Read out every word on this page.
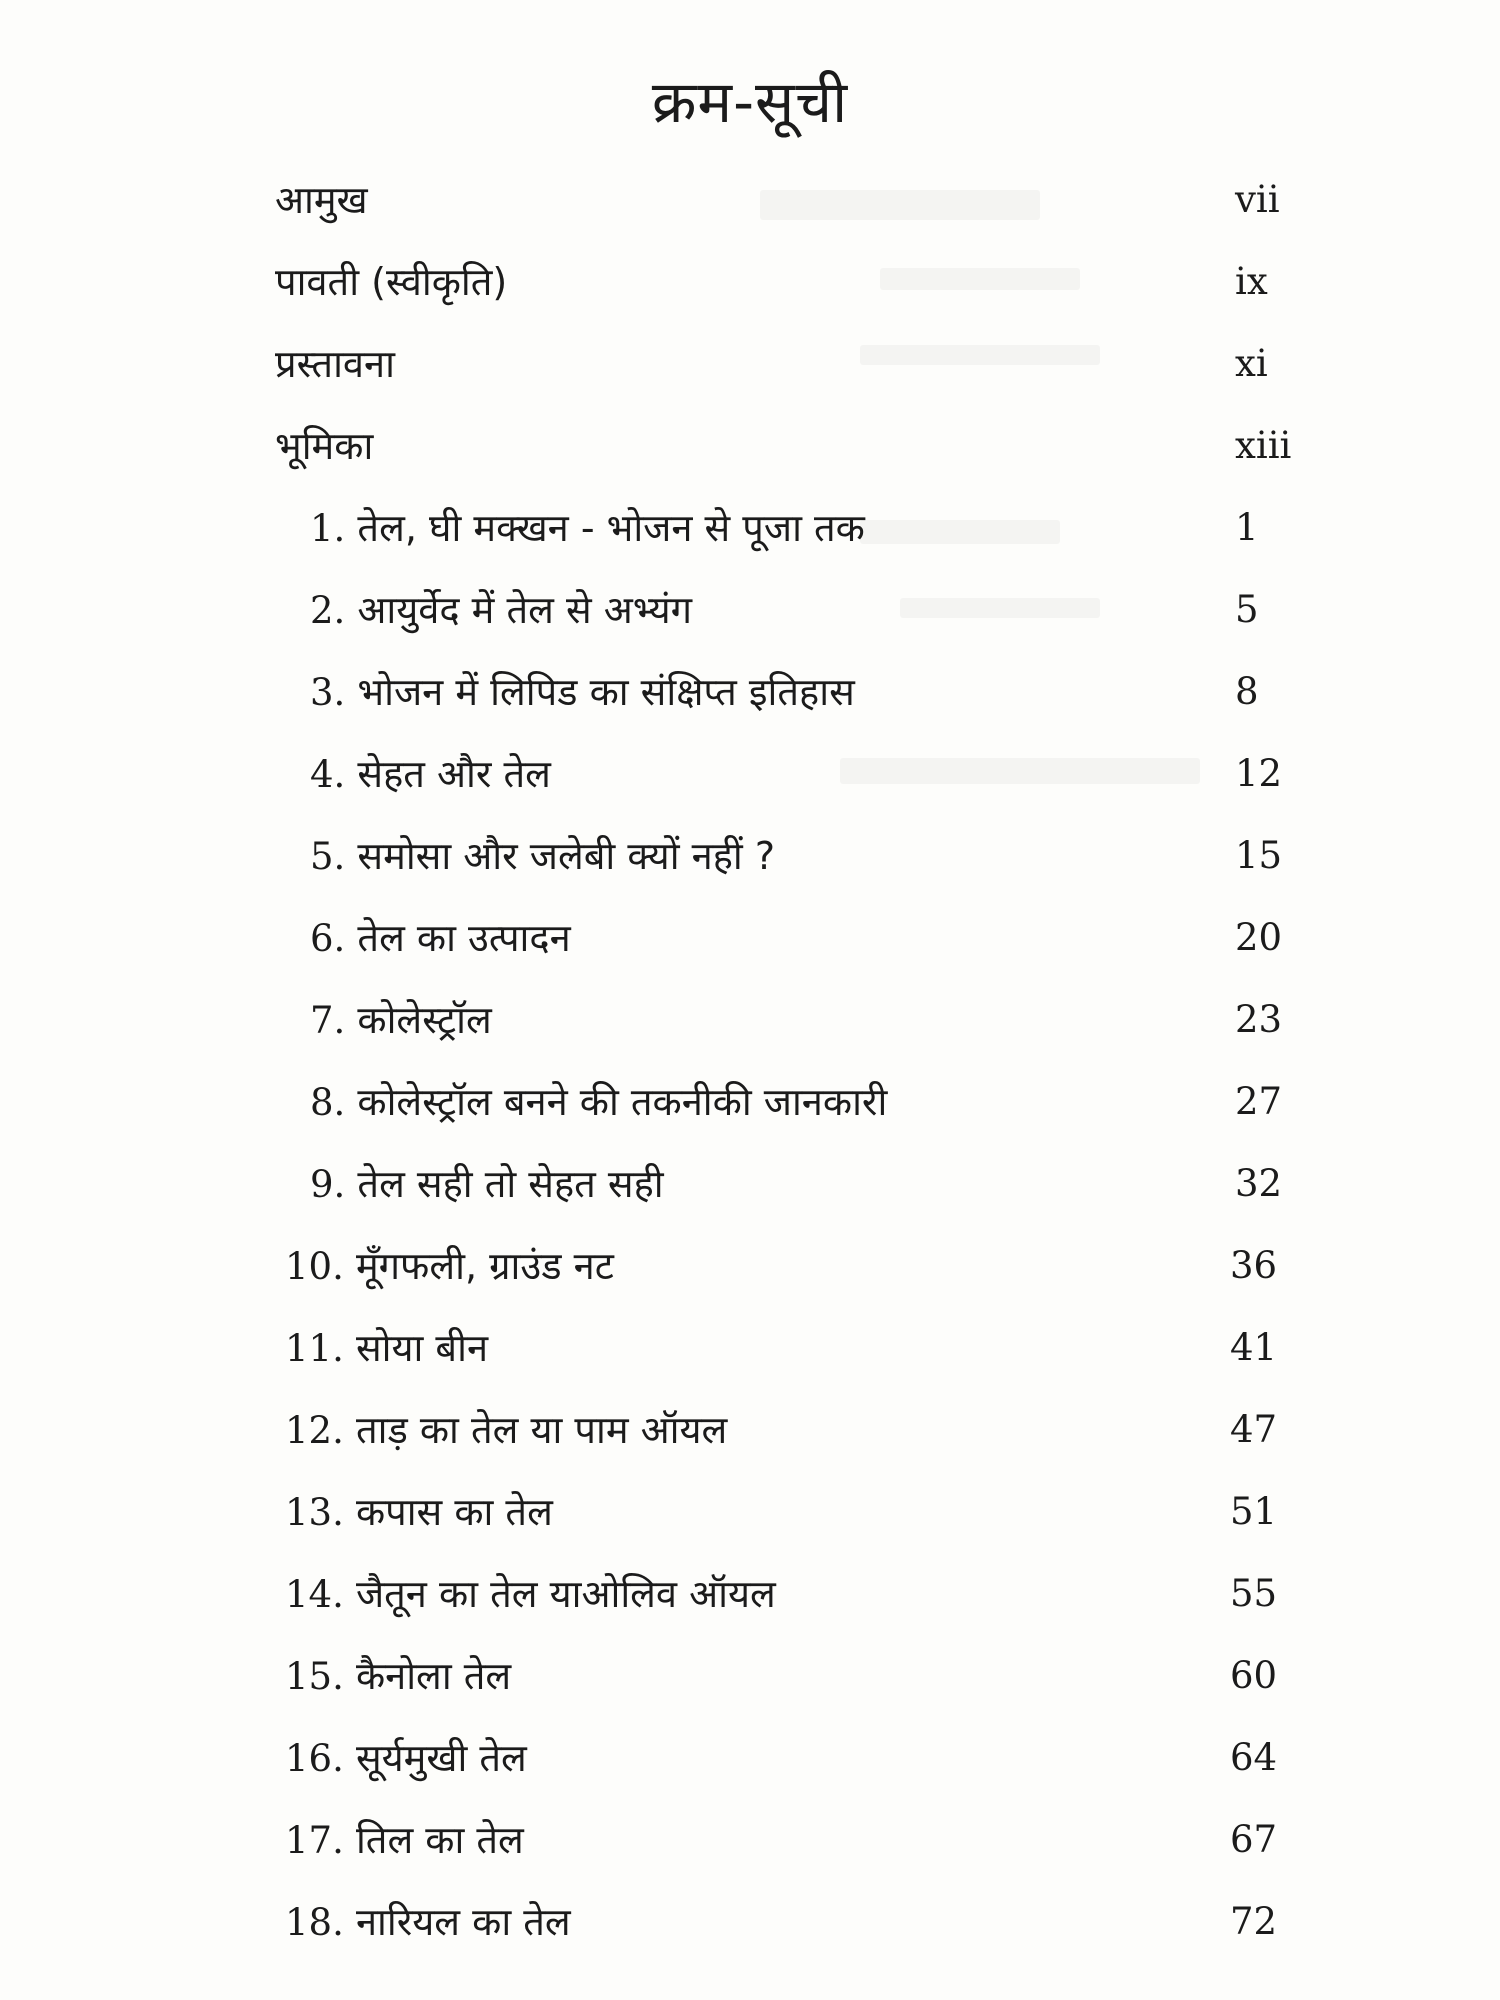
क्रम-सूची
आमुख	vii
पावती (स्वीकृति)	ix
प्रस्तावना	xi
भूमिका	xiii
1. तेल, घी मक्खन - भोजन से पूजा तक	1
2. आयुर्वेद में तेल से अभ्यंग	5
3. भोजन में लिपिड का संक्षिप्त इतिहास	8
4. सेहत और तेल	12
5. समोसा और जलेबी क्यों नहीं ?	15
6. तेल का उत्पादन	20
7. कोलेस्ट्रॉल	23
8. कोलेस्ट्रॉल बनने की तकनीकी जानकारी	27
9. तेल सही तो सेहत सही	32
10. मूँगफली, ग्राउंड नट	36
11. सोया बीन	41
12. ताड़ का तेल या पाम ऑयल	47
13. कपास का तेल	51
14. जैतून का तेल याओलिव ऑयल	55
15. कैनोला तेल	60
16. सूर्यमुखी तेल	64
17. तिल का तेल	67
18. नारियल का तेल	72
